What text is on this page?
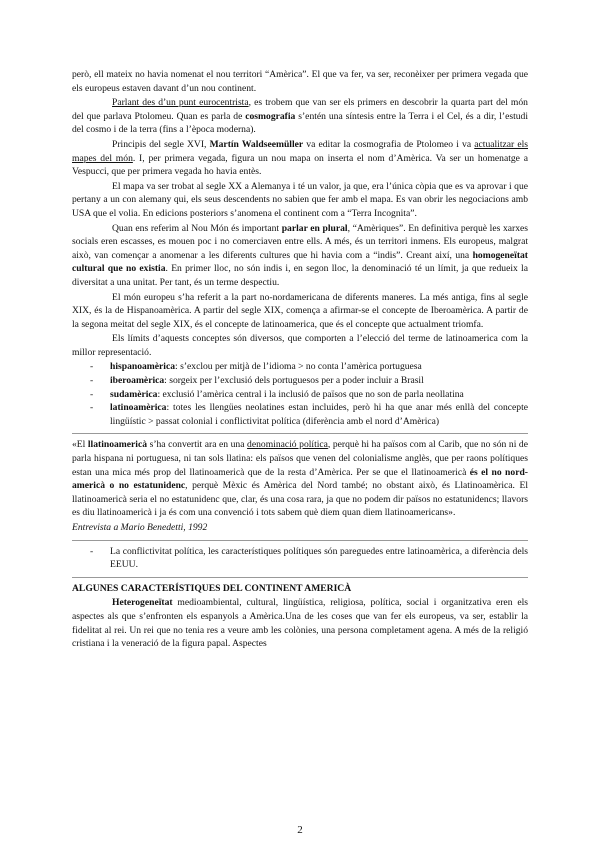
però, ell mateix no havia nomenat el nou territori “Amèrica”. El que va fer, va ser, reconèixer per primera vegada que els europeus estaven davant d’un nou continent.

Parlant des d’un punt eurocentrista, es trobem que van ser els primers en descobrir la quarta part del món del que parlava Ptolomeu. Quan es parla de cosmografia s’entén una síntesis entre la Terra i el Cel, és a dir, l’estudi del cosmo i de la terra (fins a l’època moderna).

Principis del segle XVI, Martín Waldseemüller va editar la cosmografia de Ptolomeo i va actualitzar els mapes del món. I, per primera vegada, figura un nou mapa on inserta el nom d’Amèrica. Va ser un homenatge a Vespucci, que per primera vegada ho havia entès.

El mapa va ser trobat al segle XX a Alemanya i té un valor, ja que, era l’única còpia que es va aprovar i que pertany a un con alemany qui, els seus descendents no sabien que fer amb el mapa. Es van obrir les negociacions amb USA que el volia. En edicions posteriors s’anomena el continent com a “Terra Incognita”.

Quan ens referim al Nou Món és important parlar en plural, “Amèriques”. En definitiva perquè les xarxes socials eren escasses, es mouen poc i no comerciaven entre ells. A més, és un territori inmens. Els europeus, malgrat això, van començar a anomenar a les diferents cultures que hi havia com a “indis”. Creant així, una homogeneïtat cultural que no existia. En primer lloc, no són indis i, en segon lloc, la denominació té un límit, ja que redueix la diversitat a una unitat. Per tant, és un terme despectiu.

El món europeu s’ha referit a la part no-nordamericana de diferents maneres. La més antiga, fins al segle XIX, és la de Hispanoamèrica. A partir del segle XIX, comença a afirmar-se el concepte de Iberoamèrica. A partir de la segona meitat del segle XIX, és el concepte de latinoamerica, que és el concepte que actualment triomfa.

Els límits d’aquests conceptes són diversos, que comporten a l’elecció del terme de latinoamerica com la millor representació.

- hispanoamèrica: s’exclou per mitjà de l’idioma > no conta l’amèrica portuguesa
- iberoamèrica: sorgeix per l’exclusió dels portuguesos per a poder incluir a Brasil
- sudamèrica: exclusió l’amèrica central i la inclusió de països que no son de parla neollatina
- latinoamèrica: totes les llengües neolatines estan incluides, però hi ha que anar més enllà del concepte lingüístic > passat colonial i conflictivitat política (diferència amb el nord d’Amèrica)

«El llatinoamericà s’ha convertit ara en una denominació política, perquè hi ha països com al Carib, que no són ni de parla hispana ni portuguesa, ni tan sols llatina: els països que venen del colonialisme anglès, que per raons polítiques estan una mica més prop del llatinoamericà que de la resta d’Amèrica. Per se que el llatinoamericà és el no nord-americà o no estatunidenc, perquè Mèxic és Amèrica del Nord també; no obstant això, és Llatinoamèrica. El llatinoamericà seria el no estatunidenc que, clar, és una cosa rara, ja que no podem dir països no estatunidencs; llavors es diu llatinoamericà i ja és com una convenció i tots sabem què diem quan diem llatinoamericans».

Entrevista a Mario Benedetti, 1992

- La conflictivitat política, les característiques polítiques són pareguedes entre latinoamèrica, a diferència dels EEUU.

ALGUNES CARACTERÍSTIQUES DEL CONTINENT AMERICÀ

Heterogeneïtat medioambiental, cultural, lingüística, religiosa, política, social i organitzativa eren els aspectes als que s’enfronten els espanyols a Amèrica.Una de les coses que van fer els europeus, va ser, establir la fidelitat al rei. Un rei que no tenia res a veure amb les colònies, una persona completament agena. A més de la religió cristiana i la veneració de la figura papal. Aspectes

2
